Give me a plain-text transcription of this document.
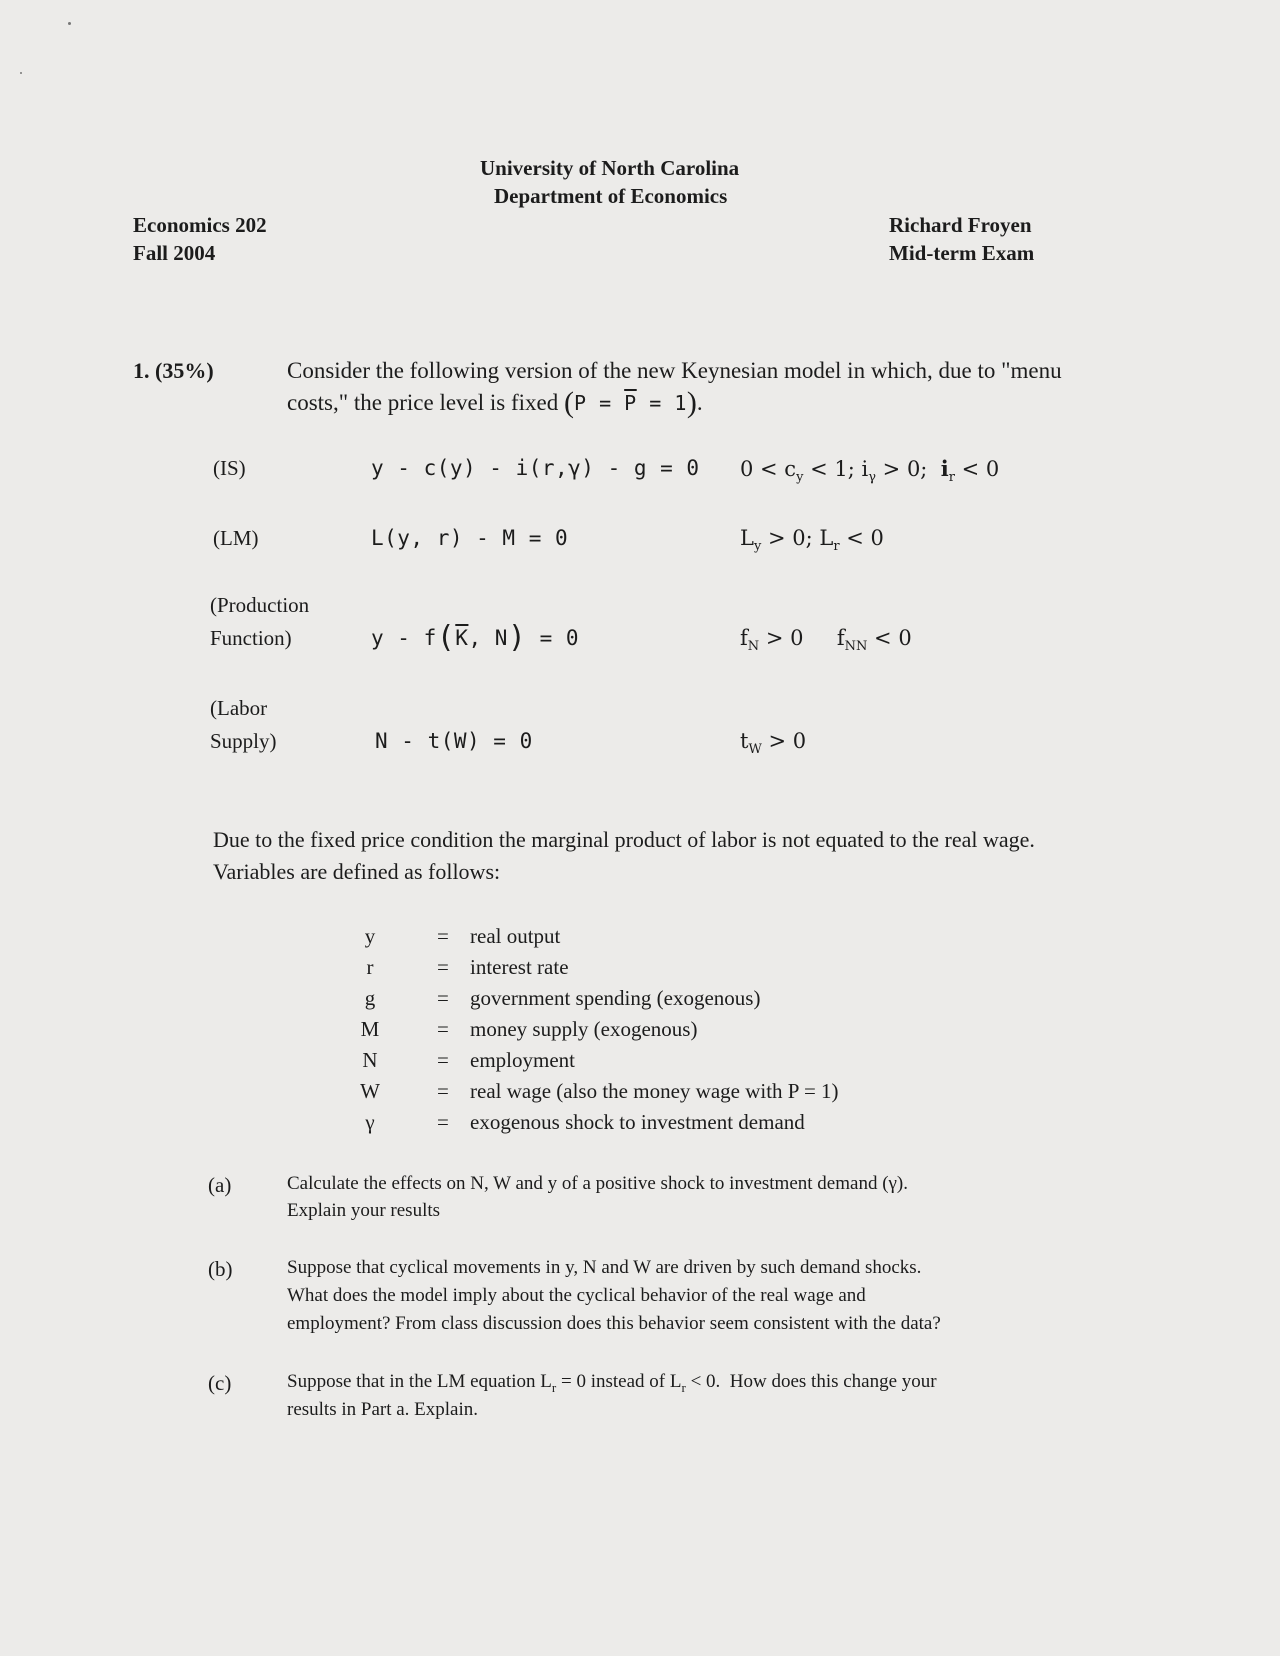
University of North Carolina
Department of Economics
Economics 202
Fall 2004
Richard Froyen
Mid-term Exam
1. (35%)	Consider the following version of the new Keynesian model in which, due to "menu
costs," the price level is fixed $(P = \overline{P} = 1)$.
(IS)	y - c(y) - i(r,γ) - g = 0 $0 < c_y < 1$; $i_\gamma > 0$;  $i_r < 0$
(LM)	L(y, r) - M = 0	$L_y > 0$; $L_r < 0$
(Production
Function)	y - $f(\overline{K}$, N) = 0	$f_N > 0$     $f_{NN} < 0$
(Labor
Supply)	N - t(W) = 0	$t_W > 0$
Due to the fixed price condition the marginal product of labor is not equated to the real wage.
Variables are defined as follows:
y	= real output
r	= interest rate
g	= government spending (exogenous)
M	= money supply (exogenous)
N	= employment
W	= real wage (also the money wage with P = 1)
γ	= exogenous shock to investment demand
(a)	Calculate the effects on N, W and y of a positive shock to investment demand (γ).
Explain your results
(b)	Suppose that cyclical movements in y, N and W are driven by such demand shocks.
What does the model imply about the cyclical behavior of the real wage and
employment? From class discussion does this behavior seem consistent with the data?
(c)	Suppose that in the LM equation $L_r = 0$ instead of $L_r < 0$.  How does this change your
results in Part a. Explain.
